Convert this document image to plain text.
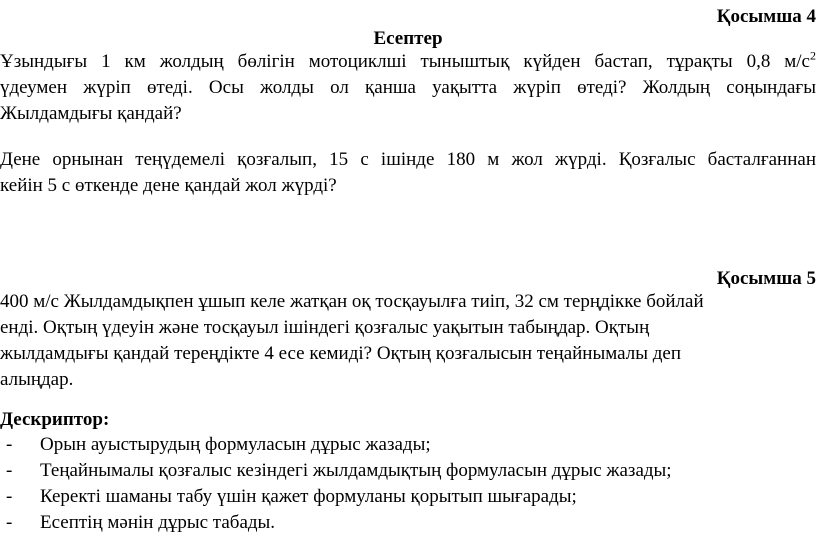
Қосымша 4
Есептер
Ұзындығы 1 км жолдың бөлігін мотоциклші тыныштық күйден бастап, тұрақты 0,8 $м/с^2$
үдеумен жүріп өтеді. Осы жолды ол қанша уақытта жүріп өтеді? Жолдың соңындағы
Жылдамдығы қандай?
Дене орнынан теңүдемелі қозғалып, 15 с ішінде 180 м жол жүрді. Қозғалыс басталғаннан
кейін 5 с өткенде дене қандай жол жүрді?
Қосымша 5
400 м/с Жылдамдықпен ұшып келе жатқан оқ тосқауылға тиіп, 32 см терңдікке бойлай
енді. Оқтың үдеуін және тосқауыл ішіндегі қозғалыс уақытын табыңдар. Оқтың
жылдамдығы қандай тереңдікте 4 есе кемиді? Оқтың қозғалысын теңайнымалы деп
алыңдар.
Дескриптор:
- Орын ауыстырудың формуласын дұрыс жазады;
- Теңайнымалы қозғалыс кезіндегі жылдамдықтың формуласын дұрыс жазады;
- Керекті шаманы табу үшін қажет формуланы қорытып шығарады;
- Есептің мәнін дұрыс табады.
